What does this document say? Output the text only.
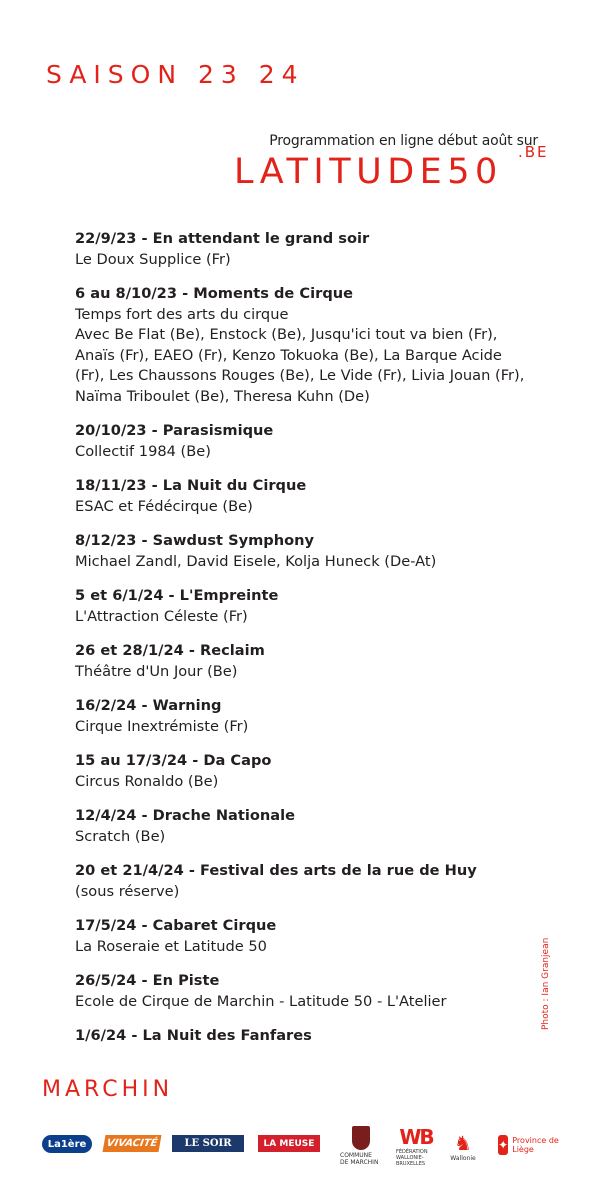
SAISON 23 24
Programmation en ligne début août sur
LATITUDE50 .BE
22/9/23 - En attendant le grand soir
Le Doux Supplice (Fr)
6 au 8/10/23 - Moments de Cirque
Temps fort des arts du cirque
Avec Be Flat (Be), Enstock (Be), Jusqu'ici tout va bien (Fr),
Anaïs (Fr), EAEO (Fr), Kenzo Tokuoka (Be), La Barque Acide
(Fr), Les Chaussons Rouges (Be), Le Vide (Fr), Livia Jouan (Fr),
Naïma Triboulet (Be), Theresa Kuhn (De)
20/10/23 - Parasismique
Collectif 1984 (Be)
18/11/23 - La Nuit du Cirque
ESAC et Fédécirque (Be)
8/12/23 - Sawdust Symphony
Michael Zandl, David Eisele, Kolja Huneck (De-At)
5 et 6/1/24 - L'Empreinte
L'Attraction Céleste (Fr)
26 et 28/1/24 - Reclaim
Théâtre d'Un Jour (Be)
16/2/24 - Warning
Cirque Inextrémiste (Fr)
15 au 17/3/24 - Da Capo
Circus Ronaldo (Be)
12/4/24 - Drache Nationale
Scratch (Be)
20 et 21/4/24 - Festival des arts de la rue de Huy
(sous réserve)
17/5/24 - Cabaret Cirque
La Roseraie et Latitude 50
26/5/24 - En Piste
Ecole de Cirque de Marchin - Latitude 50 - L'Atelier
1/6/24 - La Nuit des Fanfares
Photo : Ian Granjean
MARCHIN
La1ère	VIVACITÉ	LE SOIR	LA MEUSE
COMMUNE DE MARCHIN
WB
FÉDÉRATION WALLONIE-BRUXELLES
♞
Wallonie
✦ Province de Liège
